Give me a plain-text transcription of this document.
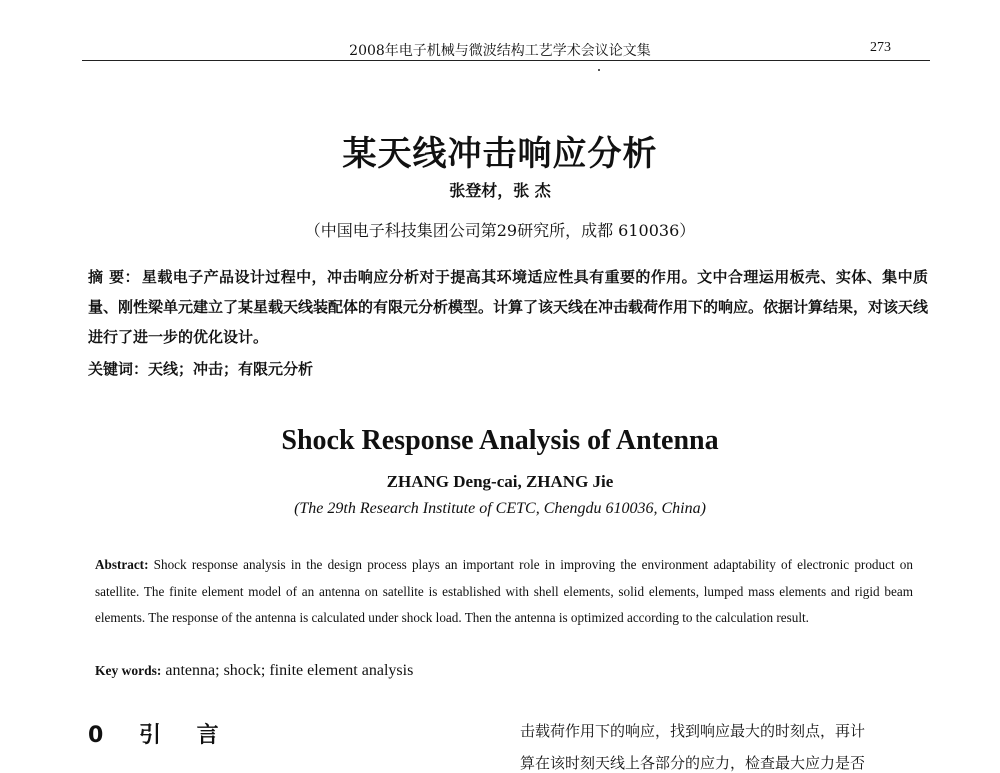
2008年电子机械与微波结构工艺学术会议论文集	273
某天线冲击响应分析
张登材，张 杰
（中国电子科技集团公司第29研究所，成都 610036）

摘 要： 星载电子产品设计过程中，冲击响应分析对于提高其环境适应性具有重要的作用。文中合理运用板壳、实体、集中质量、刚性梁单元建立了某星载天线装配体的有限元分析模型。计算了该天线在冲击载荷作用下的响应。依据计算结果，对该天线进行了进一步的优化设计。

关键词：天线；冲击；有限元分析

Shock Response Analysis of Antenna
ZHANG Deng-cai, ZHANG Jie
(The 29th Research Institute of CETC, Chengdu 610036, China)

Abstract: Shock response analysis in the design process plays an important role in improving the environment adaptability of electronic product on satellite. The finite element model of an antenna on satellite is established with shell elements, solid elements, lumped mass elements and rigid beam elements. The response of the antenna is calculated under shock load. Then the antenna is optimized according to the calculation result.

Key words: antenna; shock; finite element analysis

0 引 言	击载荷作用下的响应，找到响应最大的时刻点，再计
算在该时刻天线上各部分的应力，检查最大应力是否
